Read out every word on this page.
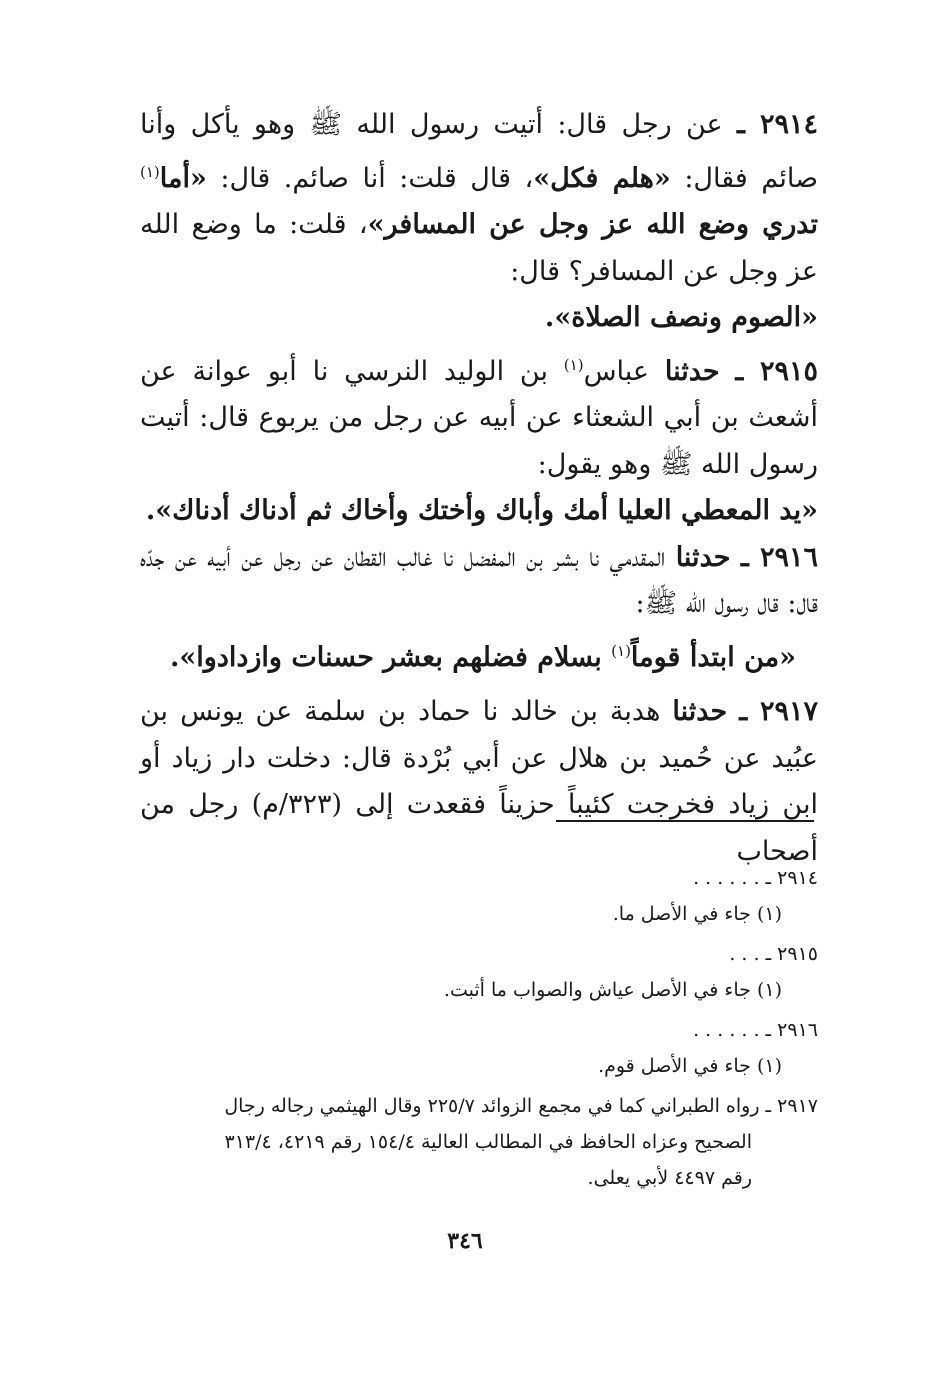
٢٩١٤ ـ عن رجل قال: أتيت رسول الله ﷺ وهو يأكل وأنا صائم فقال: «هلم فكل»، قال قلت: أنا صائم. قال: «أما$^{(١)}$ تدري وضع الله عز وجل عن المسافر»، قلت: ما وضع الله عز وجل عن المسافر؟ قال:

«الصوم ونصف الصلاة».

٢٩١٥ ـ حدثنا عباس$^{(١)}$ بن الوليد النرسي نا أبو عوانة عن أشعث بن أبي الشعثاء عن أبيه عن رجل من يربوع قال: أتيت رسول الله ﷺ وهو يقول:

«يد المعطي العليا أمك وأباك وأختك وأخاك ثم أدناك أدناك».

٢٩١٦ ـ حدثنا المقدمي نا بشر بن المفضل نا غالب القطان عن رجل عن أبيه عن جدّه قال: قال رسول الله ﷺ:

«من ابتدأ قوماً$^{(١)}$ بسلام فضلهم بعشر حسنات وازدادوا».

٢٩١٧ ـ حدثنا هدبة بن خالد نا حماد بن سلمة عن يونس بن عبُيد عن حُميد بن هلال عن أبي بُرْدة قال: دخلت دار زياد أو ابن زياد فخرجت كئيباً حزيناً فقعدت إلى (٣٢٣/م) رجل من أصحاب

٢٩١٤ ـ . . . . . .

(١) جاء في الأصل ما.

٢٩١٥ ـ . . .

(١) جاء في الأصل عياش والصواب ما أثبت.

٢٩١٦ ـ . . . . . .

(١) جاء في الأصل قوم.

٢٩١٧ ـ رواه الطبراني كما في مجمع الزوائد ٢٢٥/٧ وقال الهيثمي رجاله رجال

الصحيح وعزاه الحافظ في المطالب العالية ١٥٤/٤ رقم ٤٢١٩، ٣١٣/٤

رقم ٤٤٩٧ لأبي يعلى.

٣٤٦
